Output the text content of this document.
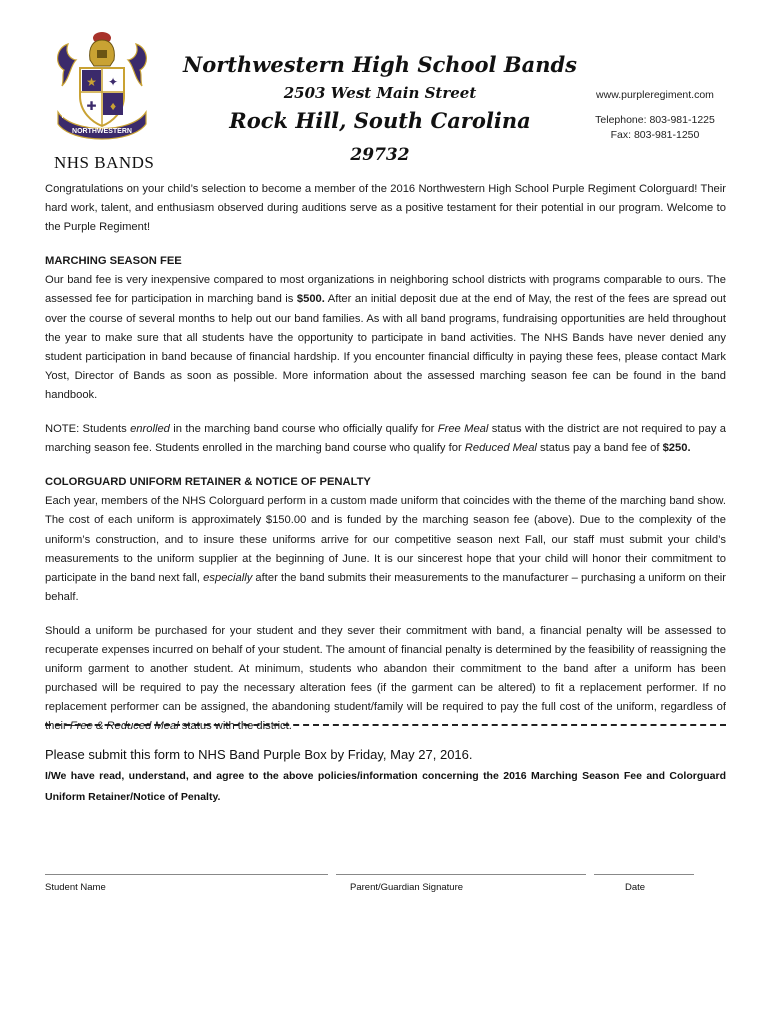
★
♦
✦
✚
NORTHWESTERN
HC
NHS BANDS
Northwestern High School Bands
2503 West Main Street
Rock Hill, South Carolina
29732
www.purpleregiment.com
Telephone: 803-981-1225
Fax: 803-981-1250

Congratulations on your child’s selection to become a member of the 2016 Northwestern High School Purple Regiment Colorguard! Their hard work, talent, and enthusiasm observed during auditions serve as a positive testament for their potential in our program. Welcome to the Purple Regiment!

MARCHING SEASON FEE

Our band fee is very inexpensive compared to most organizations in neighboring school districts with programs comparable to ours. The assessed fee for participation in marching band is $500. After an initial deposit due at the end of May, the rest of the fees are spread out over the course of several months to help out our band families. As with all band programs, fundraising opportunities are held throughout the year to make sure that all students have the opportunity to participate in band activities. The NHS Bands have never denied any student participation in band because of financial hardship. If you encounter financial difficulty in paying these fees, please contact Mark Yost, Director of Bands as soon as possible. More information about the assessed marching season fee can be found in the band handbook.

NOTE: Students enrolled in the marching band course who officially qualify for Free Meal status with the district are not required to pay a marching season fee. Students enrolled in the marching band course who qualify for Reduced Meal status pay a band fee of $250.

COLORGUARD UNIFORM RETAINER & NOTICE OF PENALTY

Each year, members of the NHS Colorguard perform in a custom made uniform that coincides with the theme of the marching band show. The cost of each uniform is approximately $150.00 and is funded by the marching season fee (above). Due to the complexity of the uniform’s construction, and to insure these uniforms arrive for our competitive season next Fall, our staff must submit your child’s measurements to the uniform supplier at the beginning of June. It is our sincerest hope that your child will honor their commitment to participate in the band next fall, especially after the band submits their measurements to the manufacturer – purchasing a uniform on their behalf.

Should a uniform be purchased for your student and they sever their commitment with band, a financial penalty will be assessed to recuperate expenses incurred on behalf of your student. The amount of financial penalty is determined by the feasibility of reassigning the uniform garment to another student. At minimum, students who abandon their commitment to the band after a uniform has been purchased will be required to pay the necessary alteration fees (if the garment can be altered) to fit a replacement performer. If no replacement performer can be assigned, the abandoning student/family will be required to pay the full cost of the uniform, regardless of their Free & Reduced Meal status with the district.

Please submit this form to NHS Band Purple Box by Friday, May 27, 2016.
I/We have read, understand, and agree to the above policies/information concerning the 2016 Marching Season Fee and Colorguard Uniform Retainer/Notice of Penalty.
Student Name	Parent/Guardian Signature	Date
